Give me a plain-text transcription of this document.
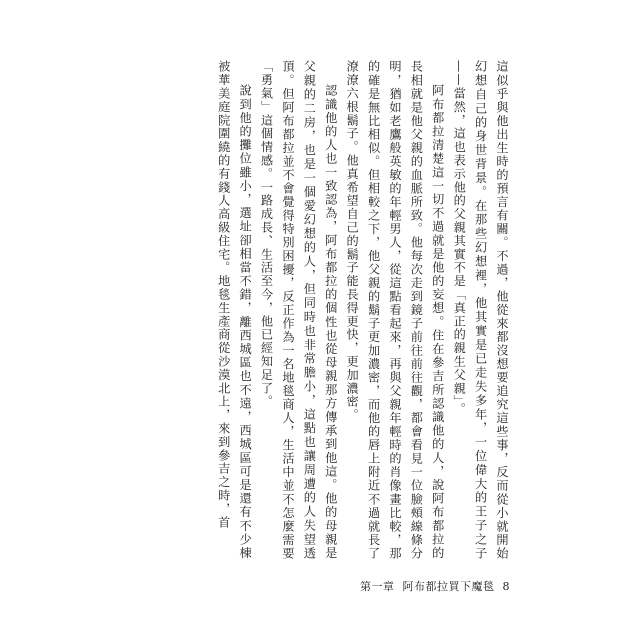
這似乎與他出生時的預言有關。不過，他從來都沒想要追究這些事，反而從小就開始幻想自己的身世背景。在那些幻想裡，他其實是已走失多年，一位偉大的王子之子——當然，這也表示他的父親其實不是「真正的親生父親」。

阿布都拉清楚這一切不過就是他的妄想。住在參吉所認識他的人，說阿布都拉的長相就是他父親的血脈所致。他每次走到鏡子前往前往觀，都會看見一位臉頰線條分明，猶如老鷹般英敏的年輕男人，從這點看起來，再與父親年輕時的肖像畫比較，那的確是無比相似。但相較之下，他父親的鬍子更加濃密，而他的唇上附近不過就長了潦潦六根鬍子。他真希望自己的鬍子能長得更快，更加濃密。

認識他的人也一致認為，阿布都拉的個性也從母親那方傳承到他這。他的母親是父親的二房，也是一個愛幻想的人，但同時也非常膽小，這點也讓周遭的人失望透頂。但阿布都拉並不會覺得特別困擾，反正作為一名地毯商人，生活中並不怎麼需要「勇氣」這個情感。一路成長、生活至今，他已經知足了。

說到他的攤位雖小，選址卻相當不錯，離西城區也不遠，西城區可是還有不少棟被華美庭院圍繞的有錢人高級住宅。地毯生產商從沙漠北上，來到參吉之時，首

第一章 阿布都拉買下魔毯 8
